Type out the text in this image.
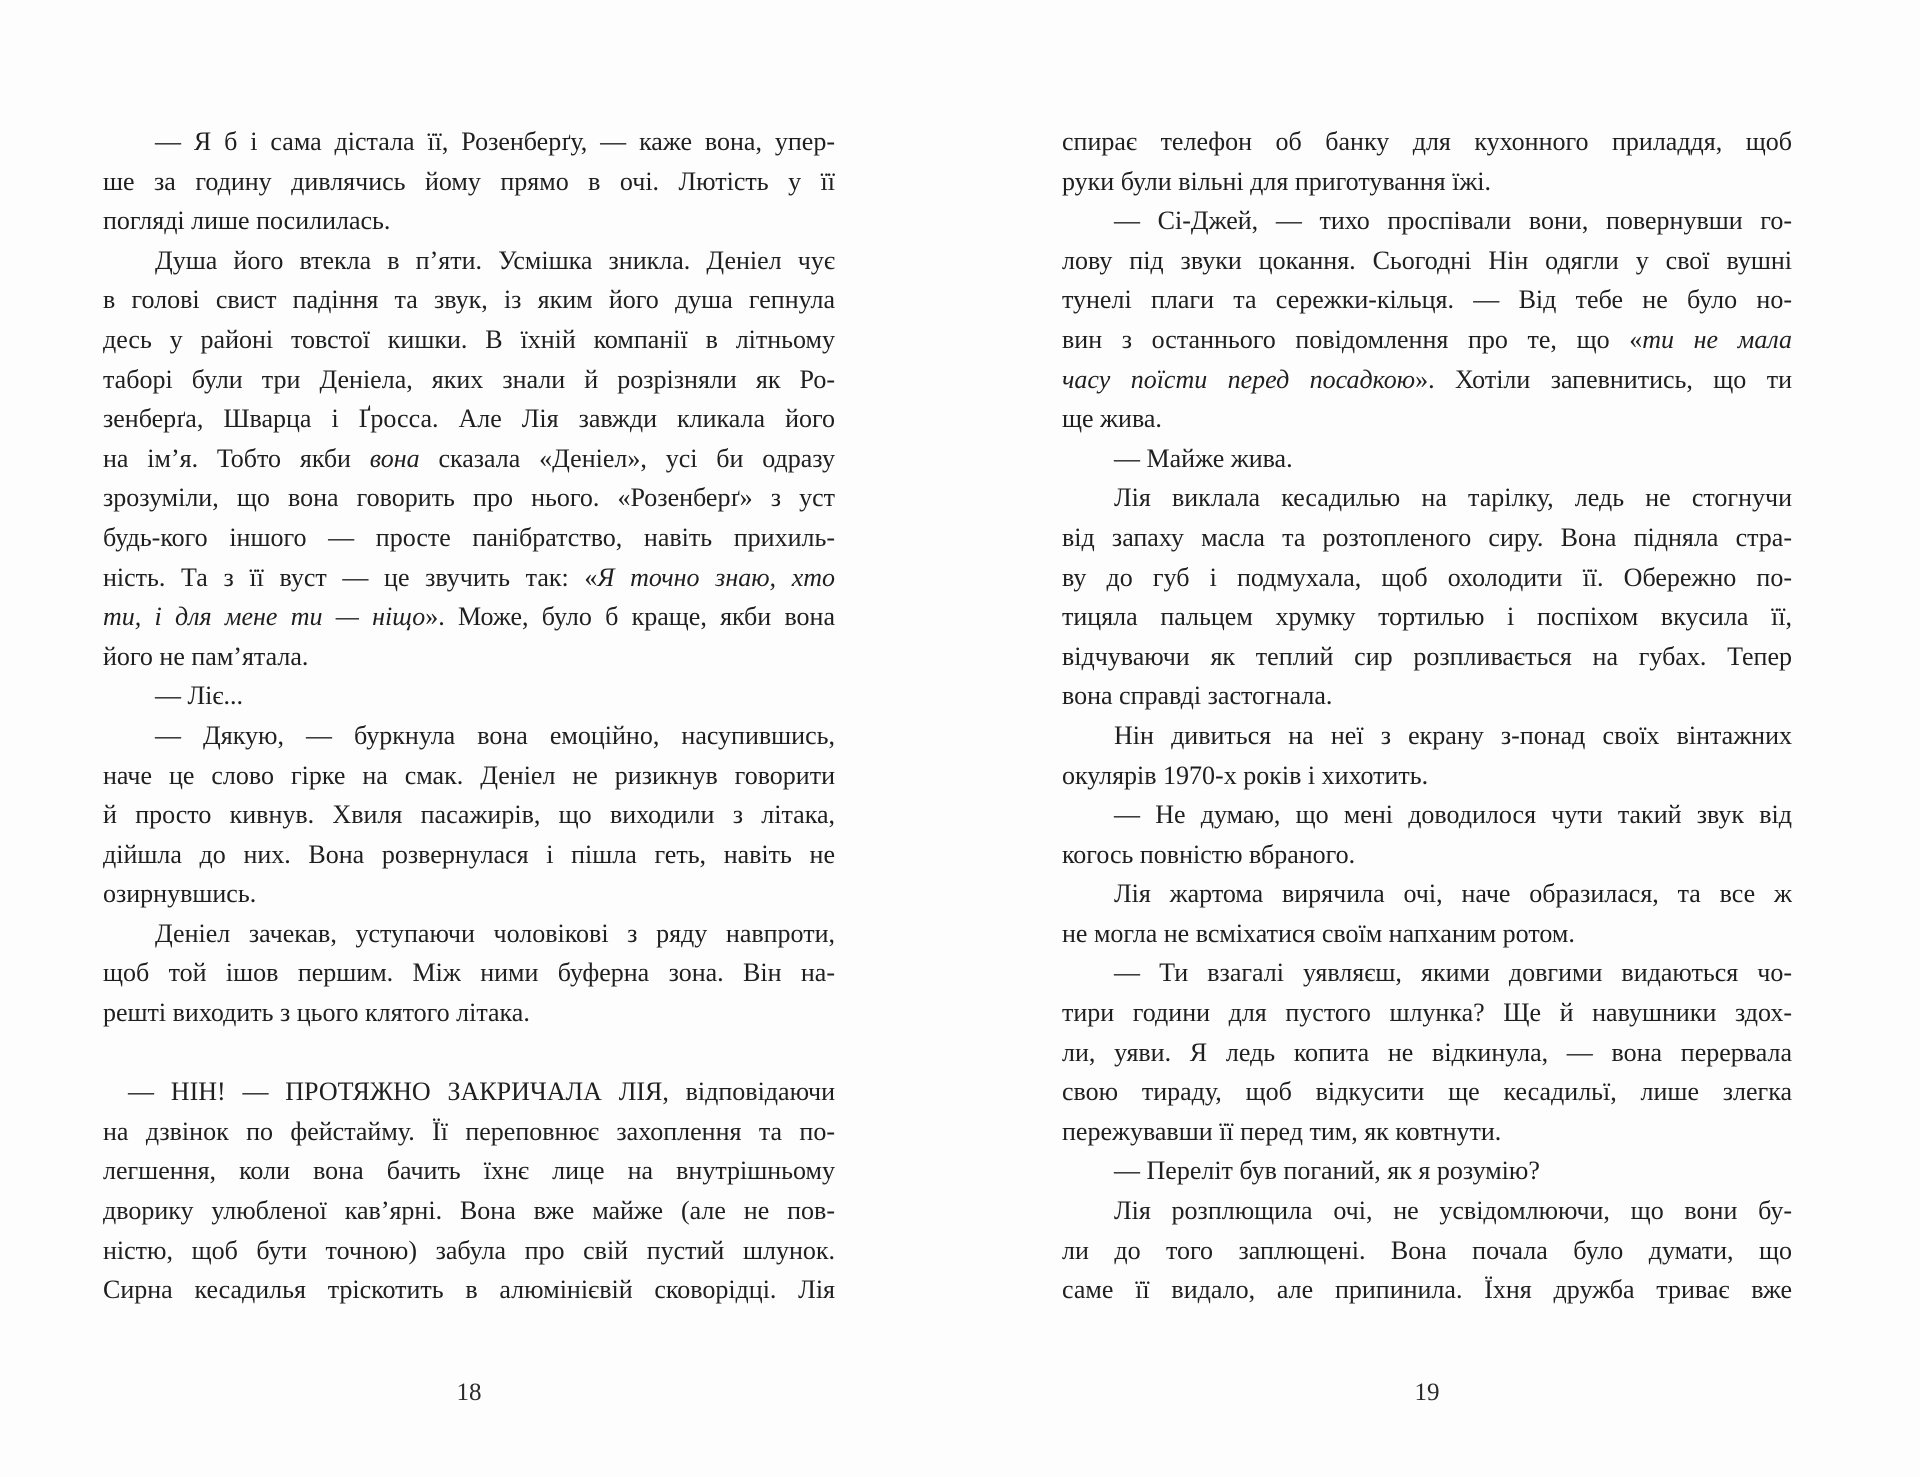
— Я б і сама дістала її, Розенберґу, — каже вона, упер-
ше за годину дивлячись йому прямо в очі. Лютість у її
погляді лише посилилась.
Душа його втекла в п’яти. Усмішка зникла. Деніел чує
в голові свист падіння та звук, із яким його душа гепнула
десь у районі товстої кишки. В їхній компанії в літньому
таборі були три Деніела, яких знали й розрізняли як Ро-
зенберґа, Шварца і Ґросса. Але Лія завжди кликала його
на ім’я. Тобто якби вона сказала «Деніел», усі би одразу
зрозуміли, що вона говорить про нього. «Розенберґ» з уст
будь-кого іншого — просте панібратство, навіть прихиль-
ність. Та з її вуст — це звучить так: «Я точно знаю, хто
ти, і для мене ти — ніщо». Може, було б краще, якби вона
його не пам’ятала.
— Ліє...
— Дякую, — буркнула вона емоційно, насупившись,
наче це слово гірке на смак. Деніел не ризикнув говорити
й просто кивнув. Хвиля пасажирів, що виходили з літака,
дійшла до них. Вона розвернулася і пішла геть, навіть не
озирнувшись.
Деніел зачекав, уступаючи чоловікові з ряду навпроти,
щоб той ішов першим. Між ними буферна зона. Він на-
решті виходить з цього клятого літака.
— НІН! — ПРОТЯЖНО ЗАКРИЧАЛА ЛІЯ, відповідаючи
на дзвінок по фейстайму. Її переповнює захоплення та по-
легшення, коли вона бачить їхнє лице на внутрішньому
дворику улюбленої кав’ярні. Вона вже майже (але не пов-
ністю, щоб бути точною) забула про свій пустий шлунок.
Сирна кесадилья тріскотить в алюмінієвій сковорідці. Лія
спирає телефон об банку для кухонного приладдя, щоб
руки були вільні для приготування їжі.
— Сі-Джей, — тихо проспівали вони, повернувши го-
лову під звуки цокання. Сьогодні Нін одягли у свої вушні
тунелі плаги та сережки-кільця. — Від тебе не було но-
вин з останнього повідомлення про те, що «ти не мала
часу поїсти перед посадкою». Хотіли запевнитись, що ти
ще жива.
— Майже жива.
Лія виклала кесадилью на тарілку, ледь не стогнучи
від запаху масла та розтопленого сиру. Вона підняла стра-
ву до губ і подмухала, щоб охолодити її. Обережно по-
тицяла пальцем хрумку тортилью і поспіхом вкусила її,
відчуваючи як теплий сир розпливається на губах. Тепер
вона справді застогнала.
Нін дивиться на неї з екрану з-понад своїх вінтажних
окулярів 1970-х років і хихотить.
— Не думаю, що мені доводилося чути такий звук від
когось повністю вбраного.
Лія жартома вирячила очі, наче образилася, та все ж
не могла не всміхатися своїм напханим ротом.
— Ти взагалі уявляєш, якими довгими видаються чо-
тири години для пустого шлунка? Ще й навушники здох-
ли, уяви. Я ледь копита не відкинула, — вона перервала
свою тираду, щоб відкусити ще кесадильї, лише злегка
пережувавши її перед тим, як ковтнути.
— Переліт був поганий, як я розумію?
Лія розплющила очі, не усвідомлюючи, що вони бу-
ли до того заплющені. Вона почала було думати, що
саме її видало, але припинила. Їхня дружба триває вже
18	19
